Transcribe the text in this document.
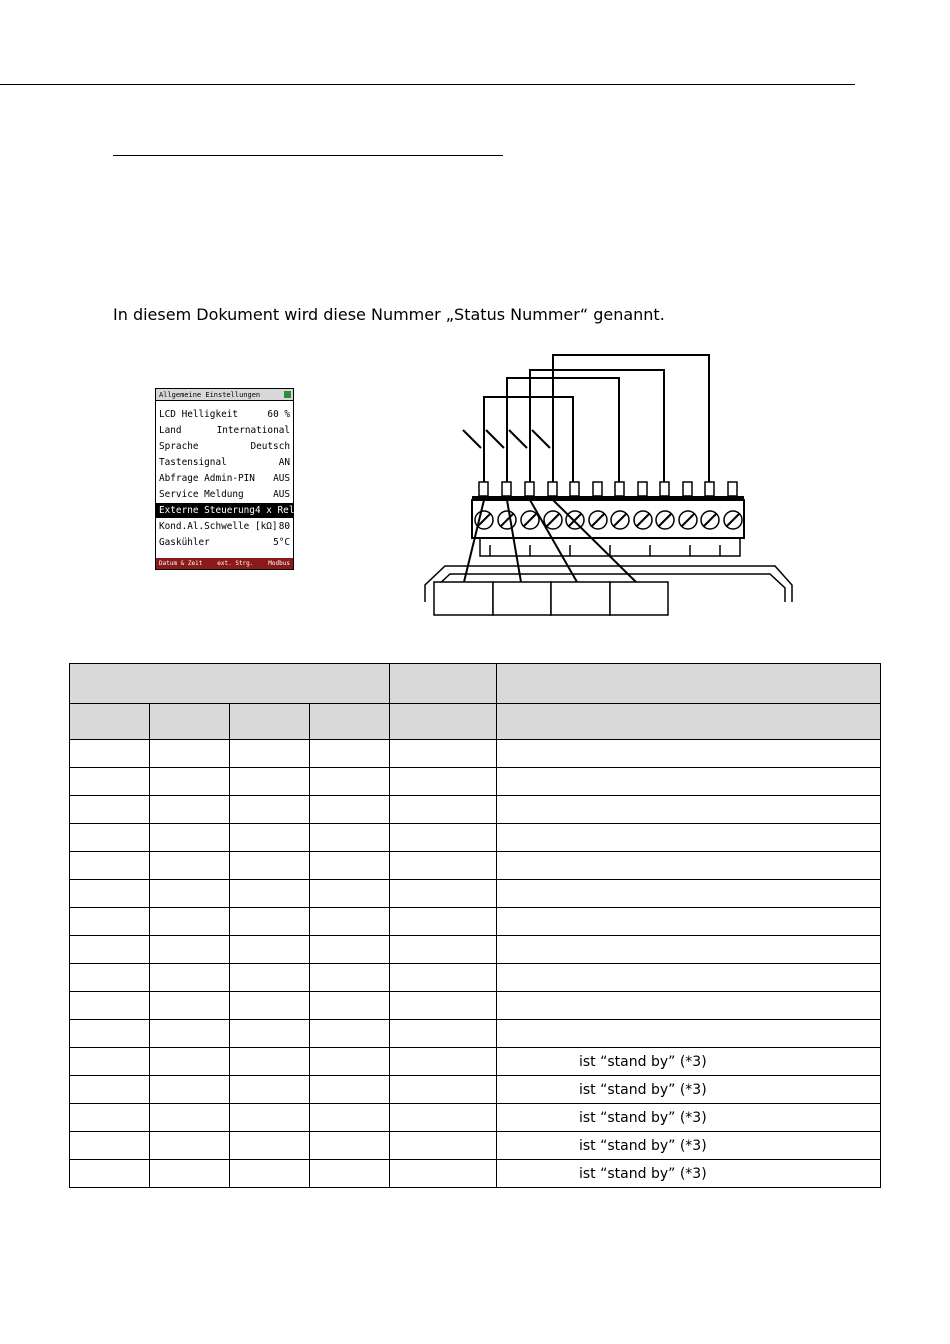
In diesem Dokument wird diese Nummer „Status Nummer“ genannt.
Allgemeine Einstellungen
LCD Helligkeit	60 %
Land	International
Sprache	Deutsch
Tastensignal	AN
Abfrage Admin-PIN AUS
Service Meldung	AUS
Externe Steuerung 4 x Rel.
Kond.Al.Schwelle [kΩ] 80
Gaskühler	5°C
Datum & Zeit ext. Strg. Modbus

					ist “stand by” (*3)
					ist “stand by” (*3)
					ist “stand by” (*3)
					ist “stand by” (*3)
					ist “stand by” (*3)
